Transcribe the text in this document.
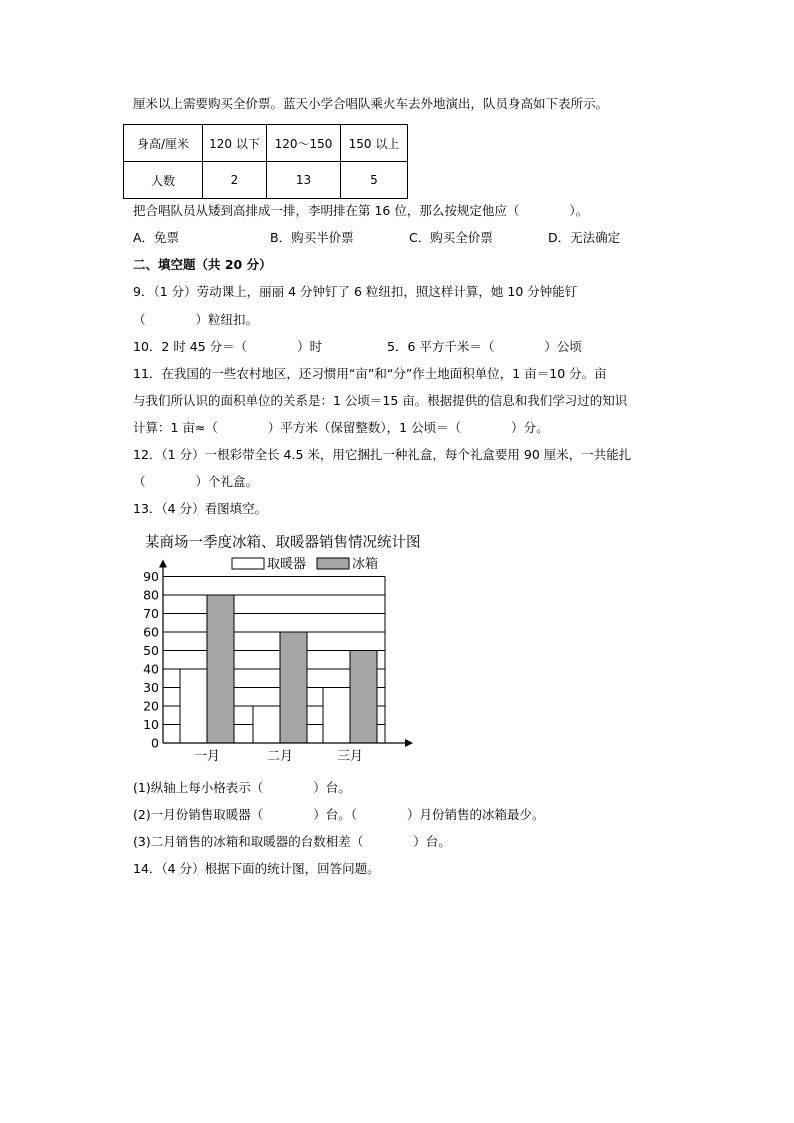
厘米以上需要购买全价票。蓝天小学合唱队乘火车去外地演出，队员身高如下表所示。
身高/厘米	120 以下	120～150	150 以上
人数	2	13	5
把合唱队员从矮到高排成一排，李明排在第 16 位，那么按规定他应（　　　　）。
A．免票	B．购买半价票	C．购买全价票	D．无法确定
二、填空题（共 20 分）
9．（1 分）劳动课上，丽丽 4 分钟钉了 6 粒纽扣，照这样计算，她 10 分钟能钉
（　　　　）粒纽扣。
10．2 时 45 分＝（　　　　）时	5．6 平方千米＝（　　　　）公顷
11．在我国的一些农村地区，还习惯用“亩”和“分”作土地面积单位，1 亩＝10 分。亩
与我们所认识的面积单位的关系是：1 公顷＝15 亩。根据提供的信息和我们学习过的知识
计算：1 亩≈（　　　　）平方米（保留整数），1 公顷＝（　　　　）分。
12．（1 分）一根彩带全长 4.5 米，用它捆扎一种礼盒，每个礼盒要用 90 厘米，一共能扎
（　　　　）个礼盒。
13．（4 分）看图填空。
某商场一季度冰箱、取暖器销售情况统计图
取暖器	冰箱
一月	二月	三月
0
10
20
30
40
50
60
70
80
90
(1)纵轴上每小格表示（　　　　）台。
(2)一月份销售取暖器（　　　　）台。（　　　　）月份销售的冰箱最少。
(3)二月销售的冰箱和取暖器的台数相差（　　　　）台。
14．（4 分）根据下面的统计图，回答问题。
